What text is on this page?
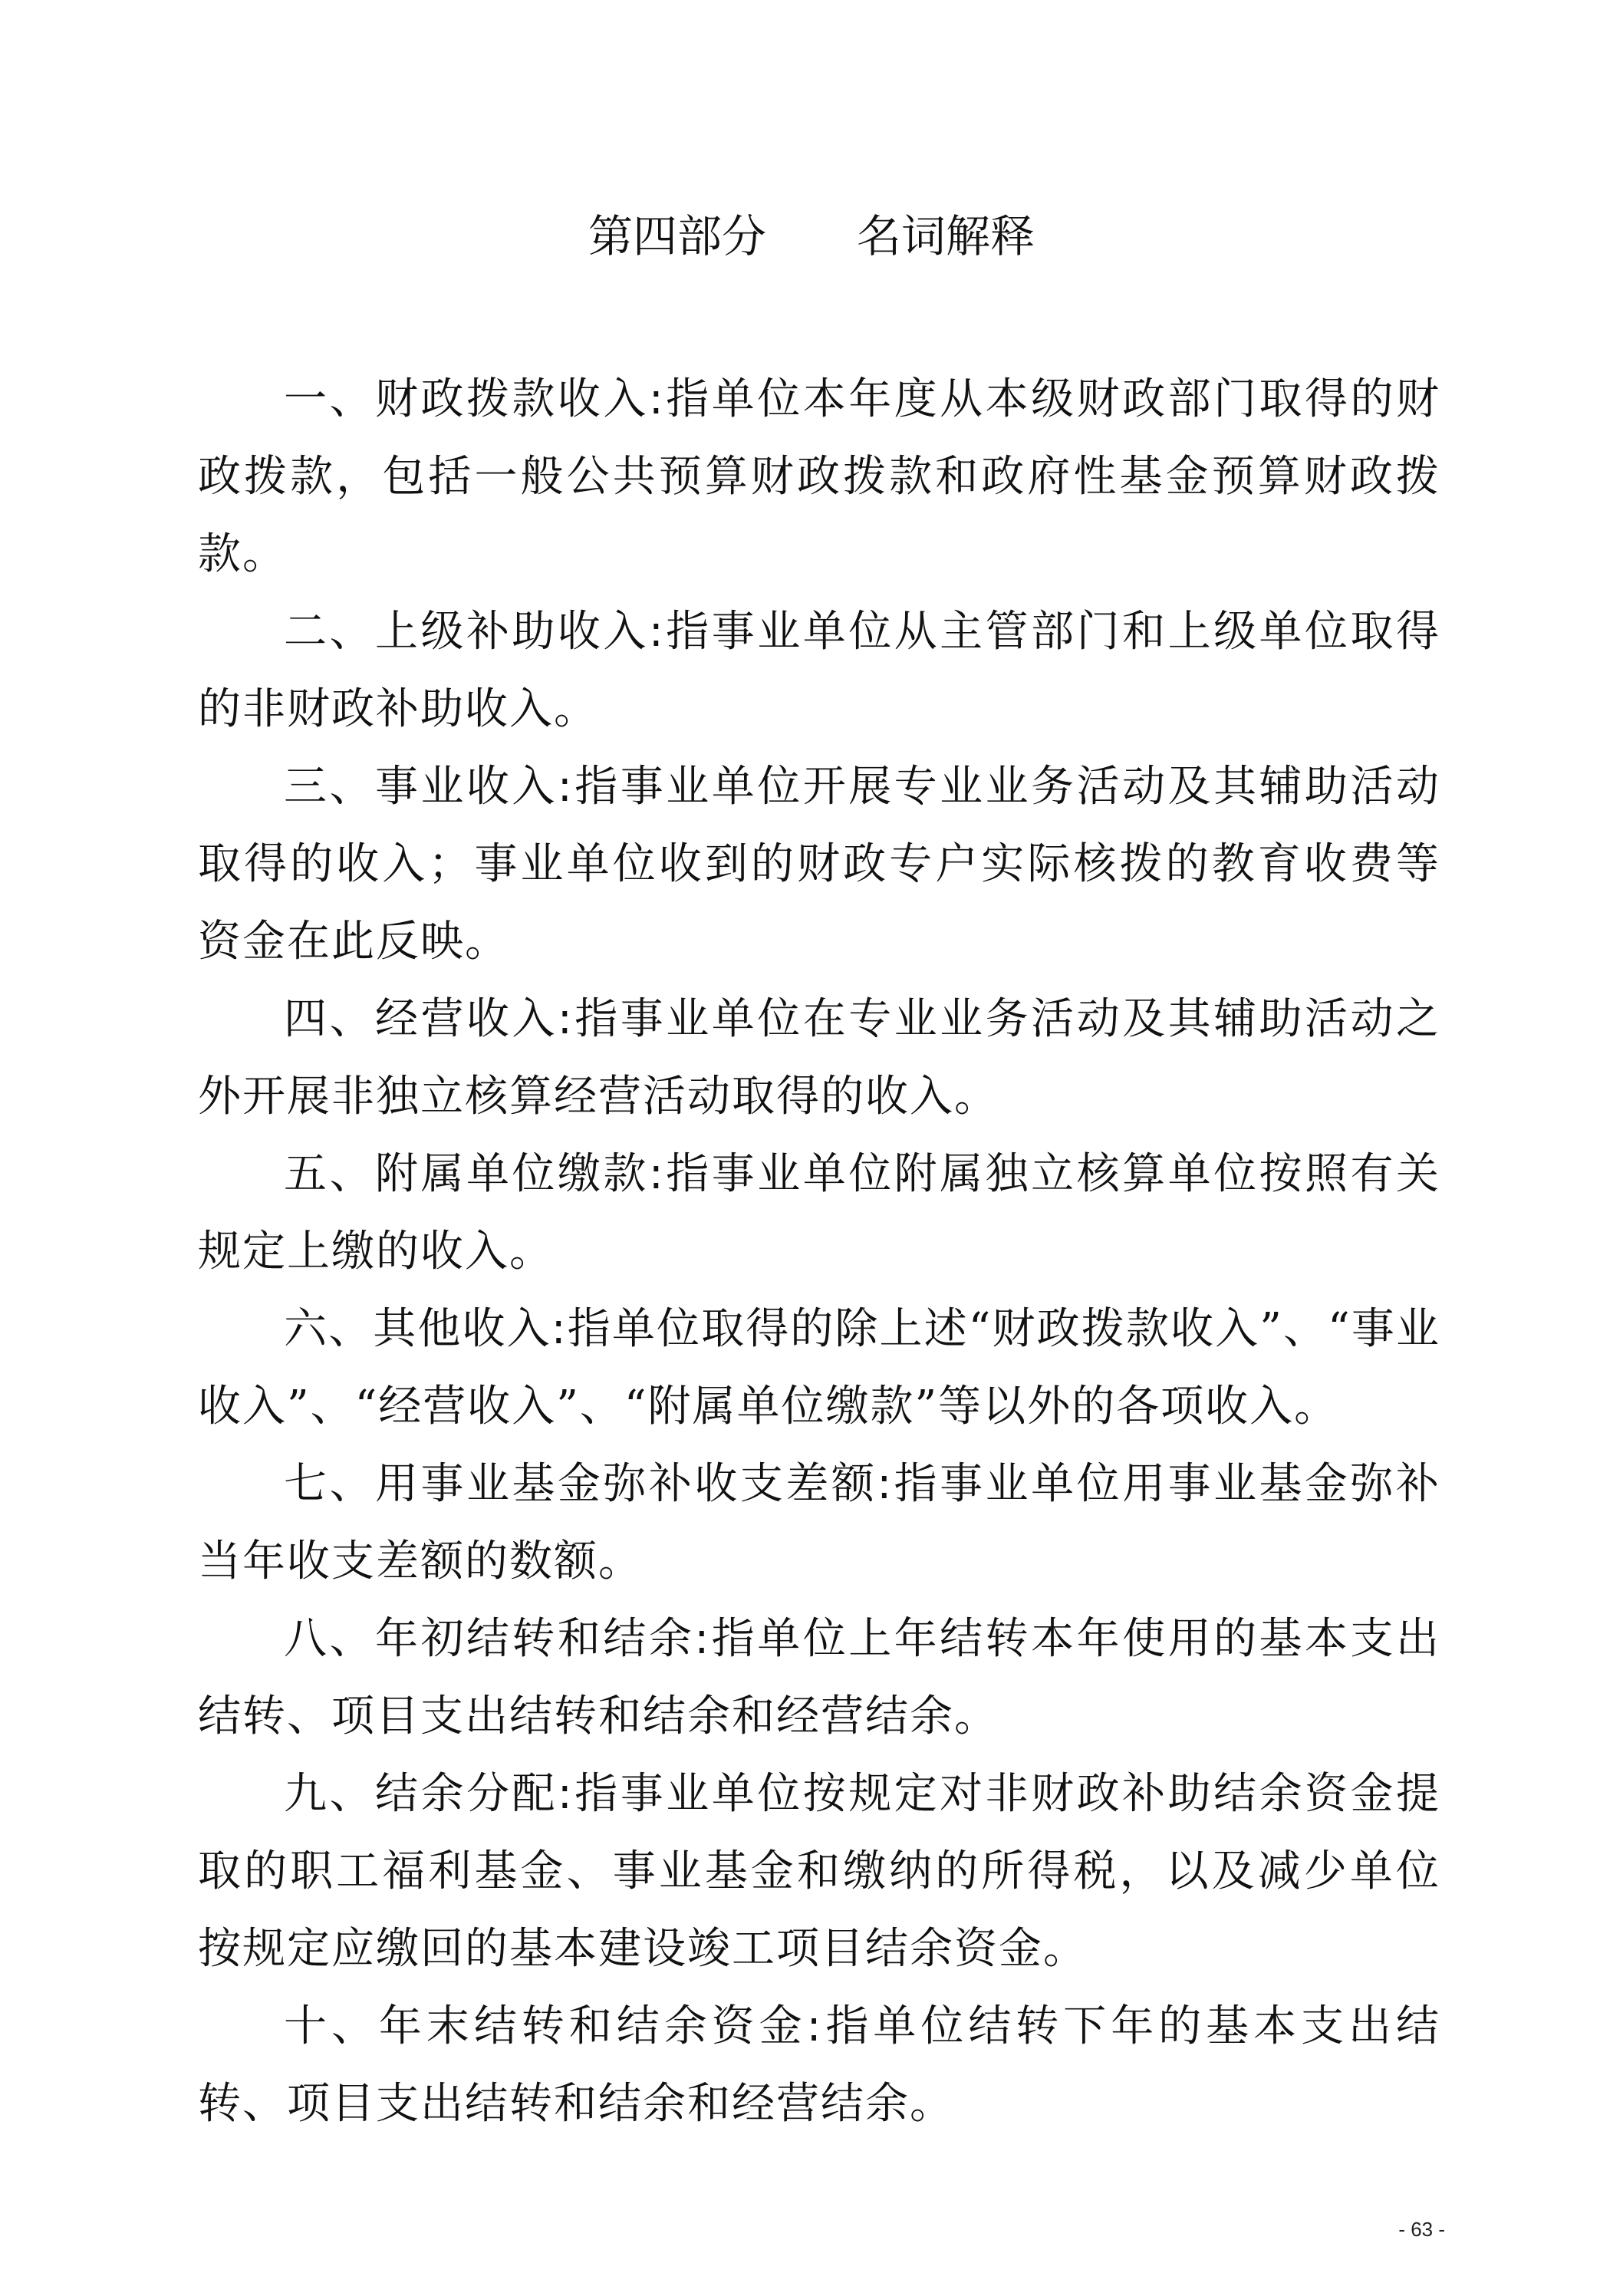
第四部分 名词解释

一、财政拨款收入:指单位本年度从本级财政部门取得的财政拨款，包括一般公共预算财政拨款和政府性基金预算财政拨款。

二、上级补助收入:指事业单位从主管部门和上级单位取得的非财政补助收入。

三、事业收入:指事业单位开展专业业务活动及其辅助活动取得的收入；事业单位收到的财政专户实际核拨的教育收费等资金在此反映。

四、经营收入:指事业单位在专业业务活动及其辅助活动之外开展非独立核算经营活动取得的收入。

五、附属单位缴款:指事业单位附属独立核算单位按照有关规定上缴的收入。

六、其他收入:指单位取得的除上述“财政拨款收入”、“事业收入”、“经营收入”、“附属单位缴款”等以外的各项收入。

七、用事业基金弥补收支差额:指事业单位用事业基金弥补当年收支差额的数额。

八、年初结转和结余:指单位上年结转本年使用的基本支出结转、项目支出结转和结余和经营结余。

九、结余分配:指事业单位按规定对非财政补助结余资金提取的职工福利基金、事业基金和缴纳的所得税，以及减少单位按规定应缴回的基本建设竣工项目结余资金。

十、年末结转和结余资金:指单位结转下年的基本支出结转、项目支出结转和结余和经营结余。

- 63 -
